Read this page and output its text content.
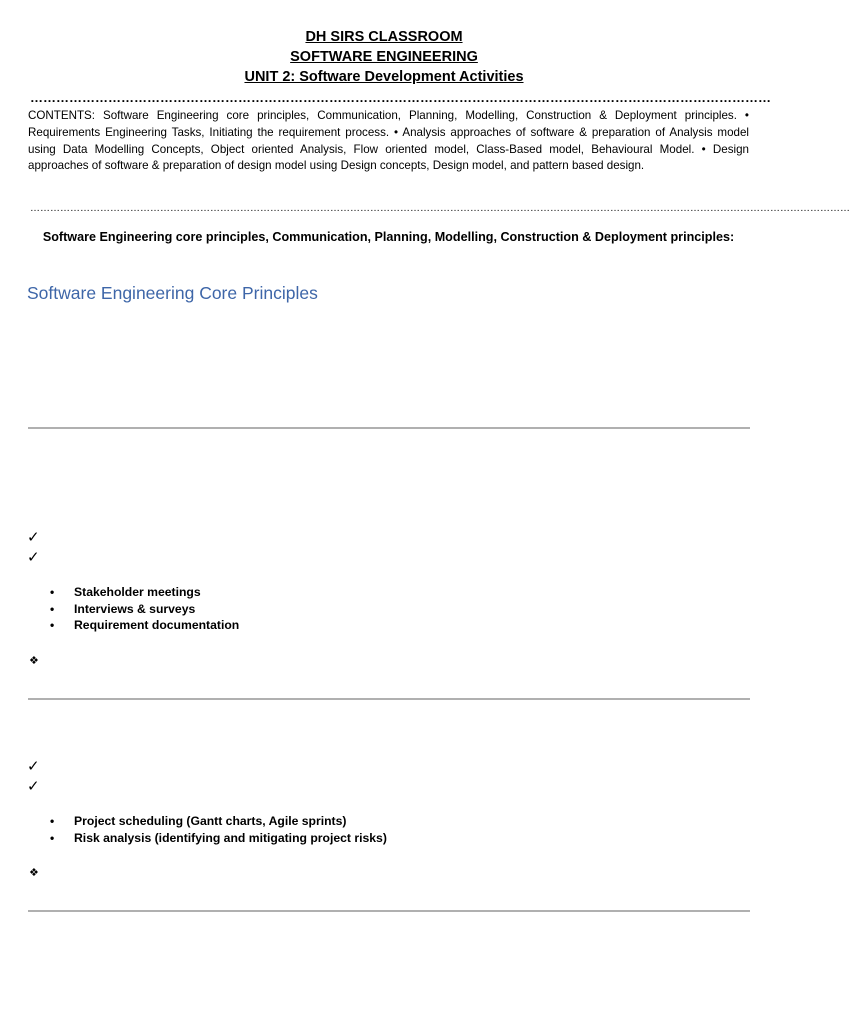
DH SIRS CLASSROOM
SOFTWARE ENGINEERING
UNIT 2: Software Development Activities
………………………………………………………………………………………………………………………………………………………
CONTENTS: Software Engineering core principles, Communication, Planning, Modelling, Construction & Deployment principles. • Requirements Engineering Tasks, Initiating the requirement process. • Analysis approaches of software & preparation of Analysis model using Data Modelling Concepts, Object oriented Analysis, Flow oriented model, Class-Based model, Behavioural Model. • Design approaches of software & preparation of design model using Design concepts, Design model, and pattern based design.
…………………………………………………………………………………………………………………………………………………………………………………………………………………………
Software Engineering core principles, Communication, Planning, Modelling, Construction & Deployment principles:
Software Engineering Core Principles
✓
✓
• Stakeholder meetings
• Interviews & surveys
• Requirement documentation
❖
✓
✓
• Project scheduling (Gantt charts, Agile sprints)
• Risk analysis (identifying and mitigating project risks)
❖
